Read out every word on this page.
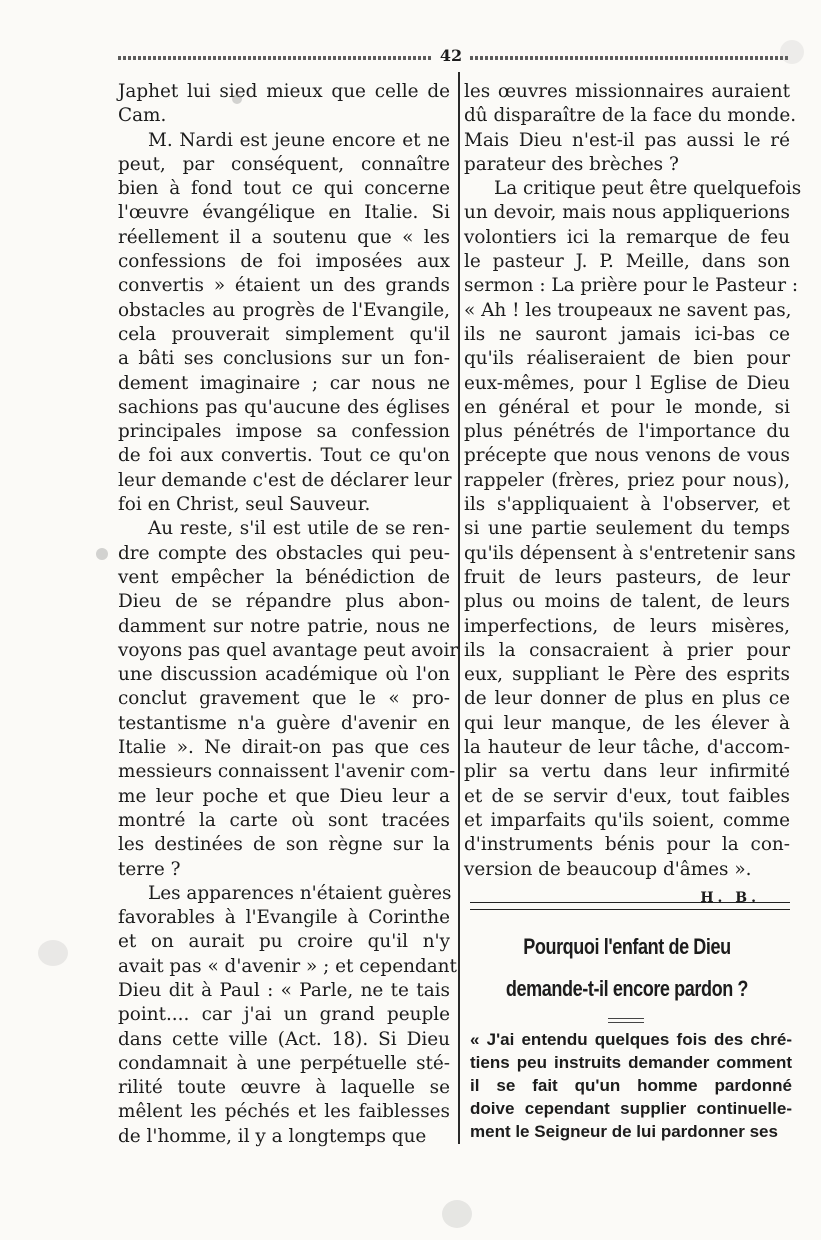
42

Japhet lui sied mieux que celle de
Cam.

M. Nardi est jeune encore et ne
peut, par conséquent, connaître
bien à fond tout ce qui concerne
l'œuvre évangélique en Italie. Si
réellement il a soutenu que « les
confessions de foi imposées aux
convertis » étaient un des grands
obstacles au progrès de l'Evangile,
cela prouverait simplement qu'il
a bâti ses conclusions sur un fon-
dement imaginaire ; car nous ne
sachions pas qu'aucune des églises
principales impose sa confession
de foi aux convertis. Tout ce qu'on
leur demande c'est de déclarer leur
foi en Christ, seul Sauveur.

Au reste, s'il est utile de se ren-
dre compte des obstacles qui peu-
vent empêcher la bénédiction de
Dieu de se répandre plus abon-
damment sur notre patrie, nous ne
voyons pas quel avantage peut avoir
une discussion académique où l'on
conclut gravement que le « pro-
testantisme n'a guère d'avenir en
Italie ». Ne dirait-on pas que ces
messieurs connaissent l'avenir com-
me leur poche et que Dieu leur a
montré la carte où sont tracées
les destinées de son règne sur la
terre ?

Les apparences n'étaient guères
favorables à l'Evangile à Corinthe
et on aurait pu croire qu'il n'y
avait pas « d'avenir » ; et cependant
Dieu dit à Paul : « Parle, ne te tais
point.... car j'ai un grand peuple
dans cette ville (Act. 18). Si Dieu
condamnait à une perpétuelle sté-
rilité toute œuvre à laquelle se
mêlent les péchés et les faiblesses
de l'homme, il y a longtemps que

les œuvres missionnaires auraient
dû disparaître de la face du monde.
Mais Dieu n'est-il pas aussi le ré
parateur des brèches ?

La critique peut être quelquefois
un devoir, mais nous appliquerions
volontiers ici la remarque de feu
le pasteur J. P. Meille, dans son
sermon : La prière pour le Pasteur :
« Ah ! les troupeaux ne savent pas,
ils ne sauront jamais ici-bas ce
qu'ils réaliseraient de bien pour
eux-mêmes, pour l Eglise de Dieu
en général et pour le monde, si
plus pénétrés de l'importance du
précepte que nous venons de vous
rappeler (frères, priez pour nous),
ils s'appliquaient à l'observer, et
si une partie seulement du temps
qu'ils dépensent à s'entretenir sans
fruit de leurs pasteurs, de leur
plus ou moins de talent, de leurs
imperfections, de leurs misères,
ils la consacraient à prier pour
eux, suppliant le Père des esprits
de leur donner de plus en plus ce
qui leur manque, de les élever à
la hauteur de leur tâche, d'accom-
plir sa vertu dans leur infirmité
et de se servir d'eux, tout faibles
et imparfaits qu'ils soient, comme
d'instruments bénis pour la con-
version de beaucoup d'âmes ».

H. B.
Pourquoi l'enfant de Dieu
demande-t-il encore pardon ?
« J'ai entendu quelques fois des chré-
tiens peu instruits demander comment
il se fait qu'un homme pardonné
doive cependant supplier continuelle-
ment le Seigneur de lui pardonner ses
